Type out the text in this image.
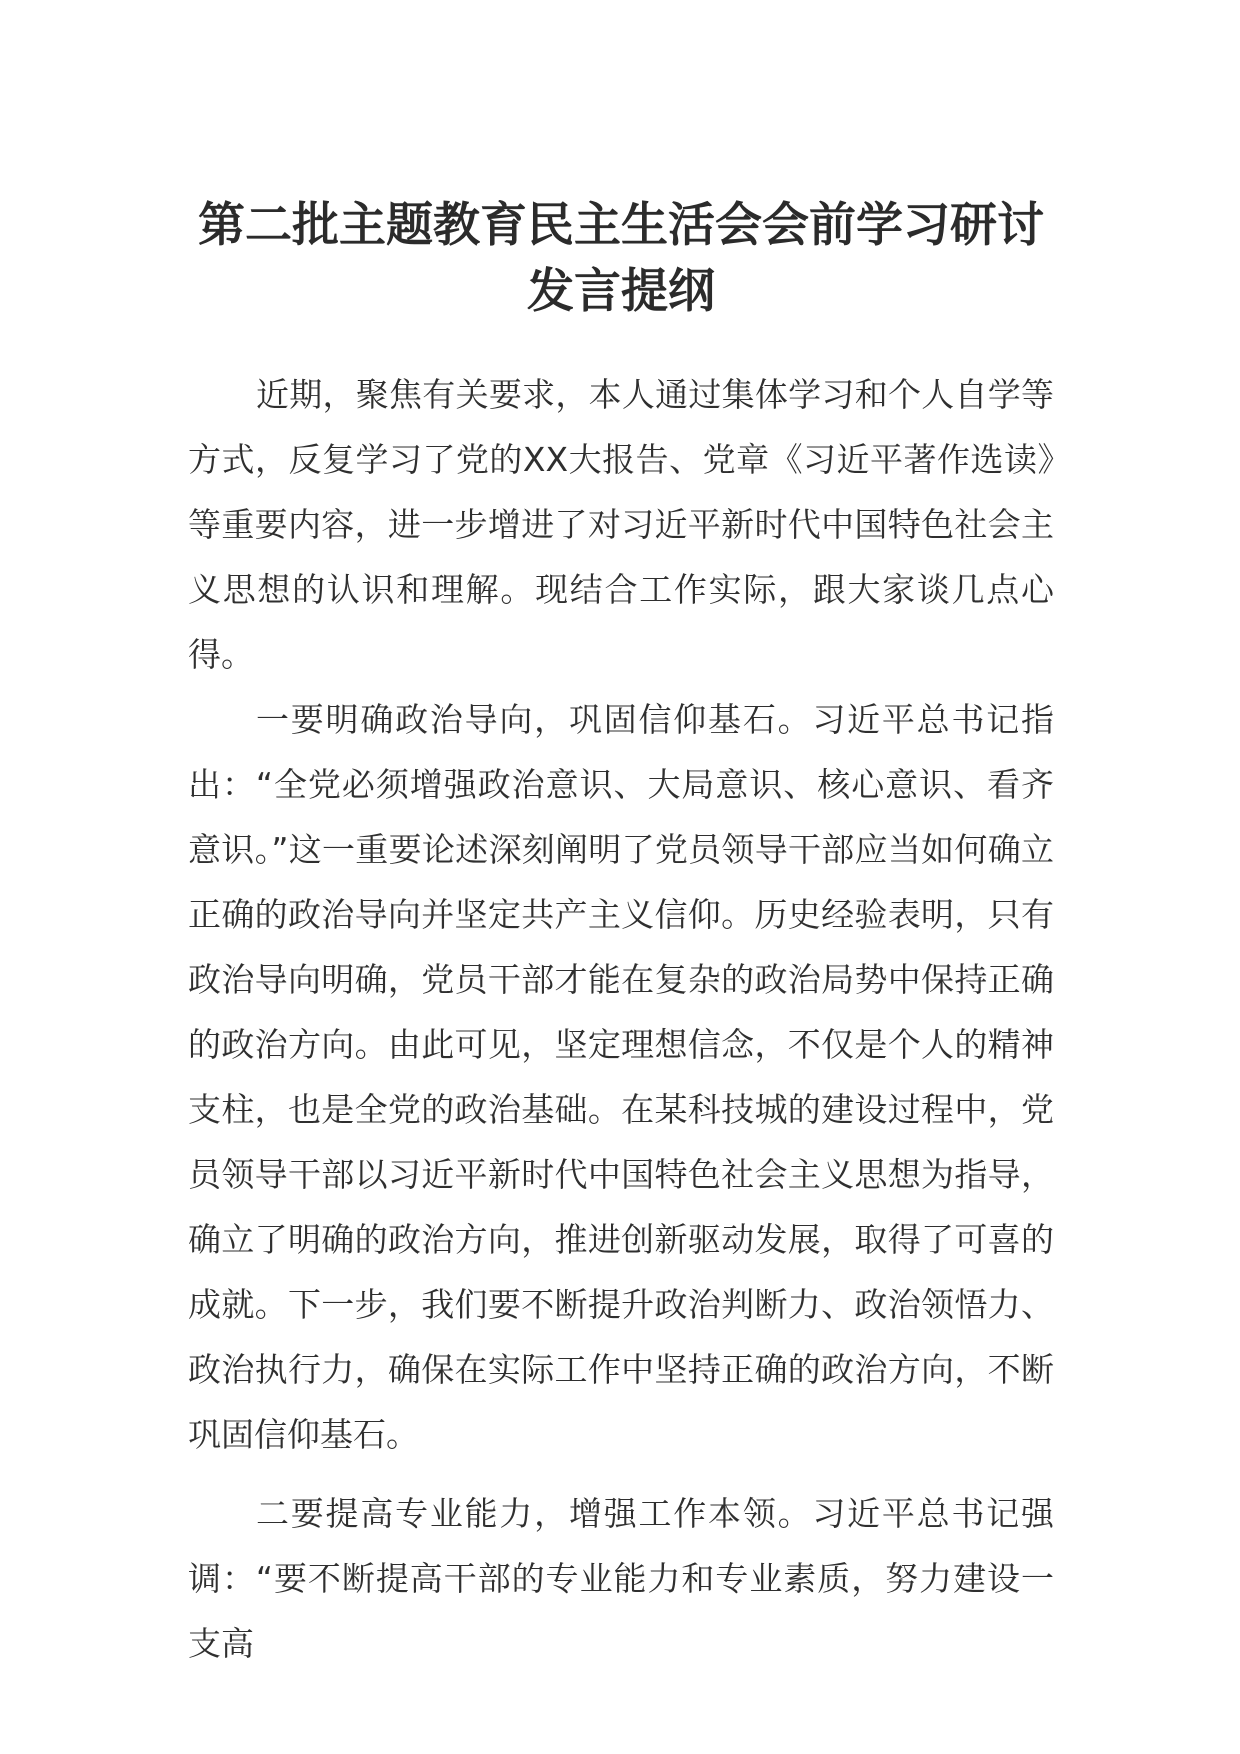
第二批主题教育民主生活会会前学习研讨发言提纲

近期，聚焦有关要求，本人通过集体学习和个人自学等方式，反复学习了党的XX大报告、党章《习近平著作选读》等重要内容，进一步增进了对习近平新时代中国特色社会主义思想的认识和理解。现结合工作实际，跟大家谈几点心得。

一要明确政治导向，巩固信仰基石。习近平总书记指出：“全党必须增强政治意识、大局意识、核心意识、看齐意识。”这一重要论述深刻阐明了党员领导干部应当如何确立正确的政治导向并坚定共产主义信仰。历史经验表明，只有政治导向明确，党员干部才能在复杂的政治局势中保持正确的政治方向。由此可见，坚定理想信念，不仅是个人的精神支柱，也是全党的政治基础。在某科技城的建设过程中，党员领导干部以习近平新时代中国特色社会主义思想为指导，确立了明确的政治方向，推进创新驱动发展，取得了可喜的成就。下一步，我们要不断提升政治判断力、政治领悟力、政治执行力，确保在实际工作中坚持正确的政治方向，不断巩固信仰基石。

二要提高专业能力，增强工作本领。习近平总书记强调：“要不断提高干部的专业能力和专业素质，努力建设一支高
